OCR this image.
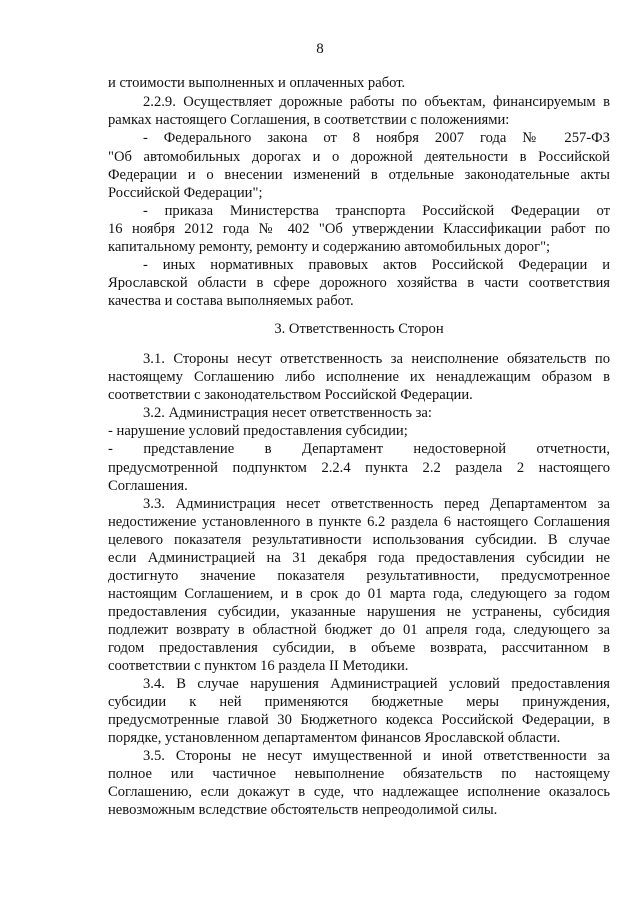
8
и стоимости выполненных и оплаченных работ.
2.2.9. Осуществляет дорожные работы по объектам, финансируемым в
рамках настоящего Соглашения, в соответствии с положениями:
- Федерального закона от 8 ноября 2007 года № 257-ФЗ
"Об автомобильных дорогах и о дорожной деятельности в Российской
Федерации и о внесении изменений в отдельные законодательные акты
Российской Федерации";
- приказа Министерства транспорта Российской Федерации от
16 ноября 2012 года № 402 "Об утверждении Классификации работ по
капитальному ремонту, ремонту и содержанию автомобильных дорог";
- иных нормативных правовых актов Российской Федерации и
Ярославской области в сфере дорожного хозяйства в части соответствия
качества и состава выполняемых работ.
3. Ответственность Сторон
3.1. Стороны несут ответственность за неисполнение обязательств по
настоящему Соглашению либо исполнение их ненадлежащим образом в
соответствии с законодательством Российской Федерации.
3.2. Администрация несет ответственность за:
- нарушение условий предоставления субсидии;
- представление в Департамент недостоверной отчетности,
предусмотренной подпунктом 2.2.4 пункта 2.2 раздела 2 настоящего
Соглашения.
3.3. Администрация несет ответственность перед Департаментом за
недостижение установленного в пункте 6.2 раздела 6 настоящего Соглашения
целевого показателя результативности использования субсидии. В случае
если Администрацией на 31 декабря года предоставления субсидии не
достигнуто значение показателя результативности, предусмотренное
настоящим Соглашением, и в срок до 01 марта года, следующего за годом
предоставления субсидии, указанные нарушения не устранены, субсидия
подлежит возврату в областной бюджет до 01 апреля года, следующего за
годом предоставления субсидии, в объеме возврата, рассчитанном в
соответствии с пунктом 16 раздела II Методики.
3.4. В случае нарушения Администрацией условий предоставления
субсидии к ней применяются бюджетные меры принуждения,
предусмотренные главой 30 Бюджетного кодекса Российской Федерации, в
порядке, установленном департаментом финансов Ярославской области.
3.5. Стороны не несут имущественной и иной ответственности за
полное или частичное невыполнение обязательств по настоящему
Соглашению, если докажут в суде, что надлежащее исполнение оказалось
невозможным вследствие обстоятельств непреодолимой силы.
